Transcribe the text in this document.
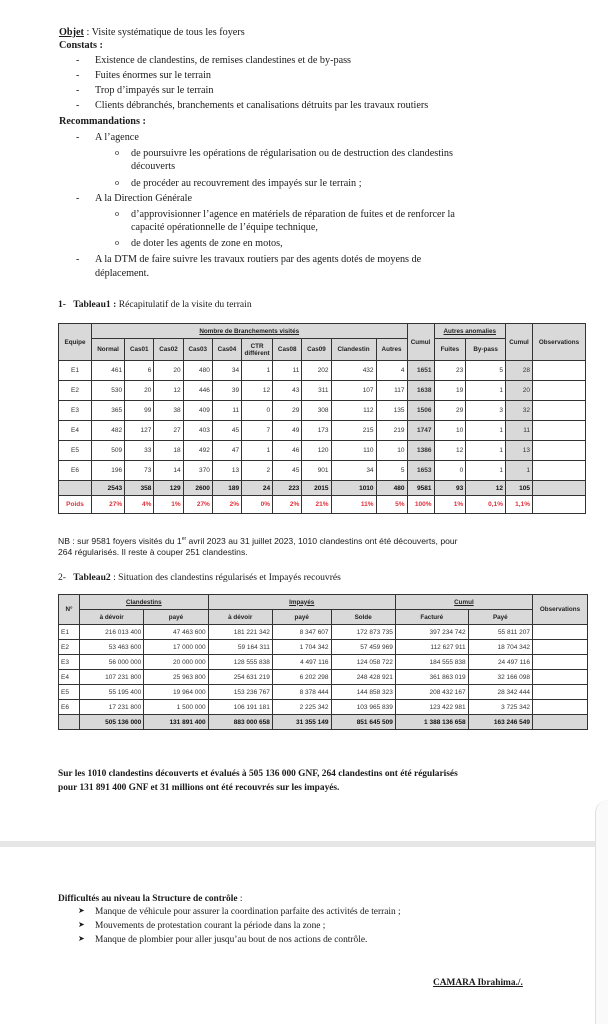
Objet : Visite systématique de tous les foyers
Constats :
- Existence de clandestins, de remises clandestines et de by-pass
- Fuites énormes sur le terrain
- Trop d’impayés sur le terrain
- Clients débranchés, branchements et canalisations détruits par les travaux routiers
Recommandations :
- A l’agence
o de poursuivre les opérations de régularisation ou de destruction des clandestins
découverts
o de procéder au recouvrement des impayés sur le terrain ;
- A la Direction Générale
o d’approvisionner l’agence en matériels de réparation de fuites et de renforcer la
capacité opérationnelle de l’équipe technique,
o de doter les agents de zone en motos,
- A la DTM de faire suivre les travaux routiers par des agents dotés de moyens de
déplacement.
1- Tableau1 : Récapitulatif de la visite du terrain
Equipe	Nombre de Branchements visités										Cumul	Autres anomalies		Cumul	Observations
	Normal	Cas01	Cas02	Cas03	Cas04	CTR différent	Cas08	Cas09	Clandestin	Autres		Fuites	By-pass		
E1	461	6	20	480	34	1	11	202	432	4	1651	23	5	28	
E2	530	20	12	446	39	12	43	311	107	117	1638	19	1	20	
E3	365	99	38	409	11	0	29	308	112	135	1506	29	3	32	
E4	482	127	27	403	45	7	49	173	215	219	1747	10	1	11	
E5	509	33	18	492	47	1	46	120	110	10	1386	12	1	13	
E6	196	73	14	370	13	2	45	901	34	5	1653	0	1	1	
	2543	358	129	2600	189	24	223	2015	1010	480	9581	93	12	105	
Poids	27%	4%	1%	27%	2%	0%	2%	21%	11%	5%	100%	1%	0,1%	1,1%	
NB : sur 9581 foyers visités du 1er avril 2023 au 31 juillet 2023, 1010 clandestins ont été découverts, pour
264 régularisés. Il reste à couper 251 clandestins.
2- Tableau2 : Situation des clandestins régularisés et Impayés recouvrés
N°	Clandestins		Impayés			Cumul		Observations
	à dévoir	payé	à dévoir	payé	Solde	Facturé	Payé	
E1	216 013 400	47 463 600	181 221 342	8 347 607	172 873 735	397 234 742	55 811 207	
E2	53 463 600	17 000 000	59 164 311	1 704 342	57 459 969	112 627 911	18 704 342	
E3	56 000 000	20 000 000	128 555 838	4 497 116	124 058 722	184 555 838	24 497 116	
E4	107 231 800	25 963 800	254 631 219	6 202 298	248 428 921	361 863 019	32 166 098	
E5	55 195 400	19 964 000	153 236 767	8 378 444	144 858 323	208 432 167	28 342 444	
E6	17 231 800	1 500 000	106 191 181	2 225 342	103 965 839	123 422 981	3 725 342	
	505 136 000	131 891 400	883 000 658	31 355 149	851 645 509	1 388 136 658	163 246 549	
Sur les 1010 clandestins découverts et évalués à 505 136 000 GNF, 264 clandestins ont été régularisés
pour 131 891 400 GNF et 31 millions ont été recouvrés sur les impayés.
Difficultés au niveau la Structure de contrôle :
➤ Manque de véhicule pour assurer la coordination parfaite des activités de terrain ;
➤ Mouvements de protestation courant la période dans la zone ;
➤ Manque de plombier pour aller jusqu’au bout de nos actions de contrôle.
CAMARA Ibrahima./.
